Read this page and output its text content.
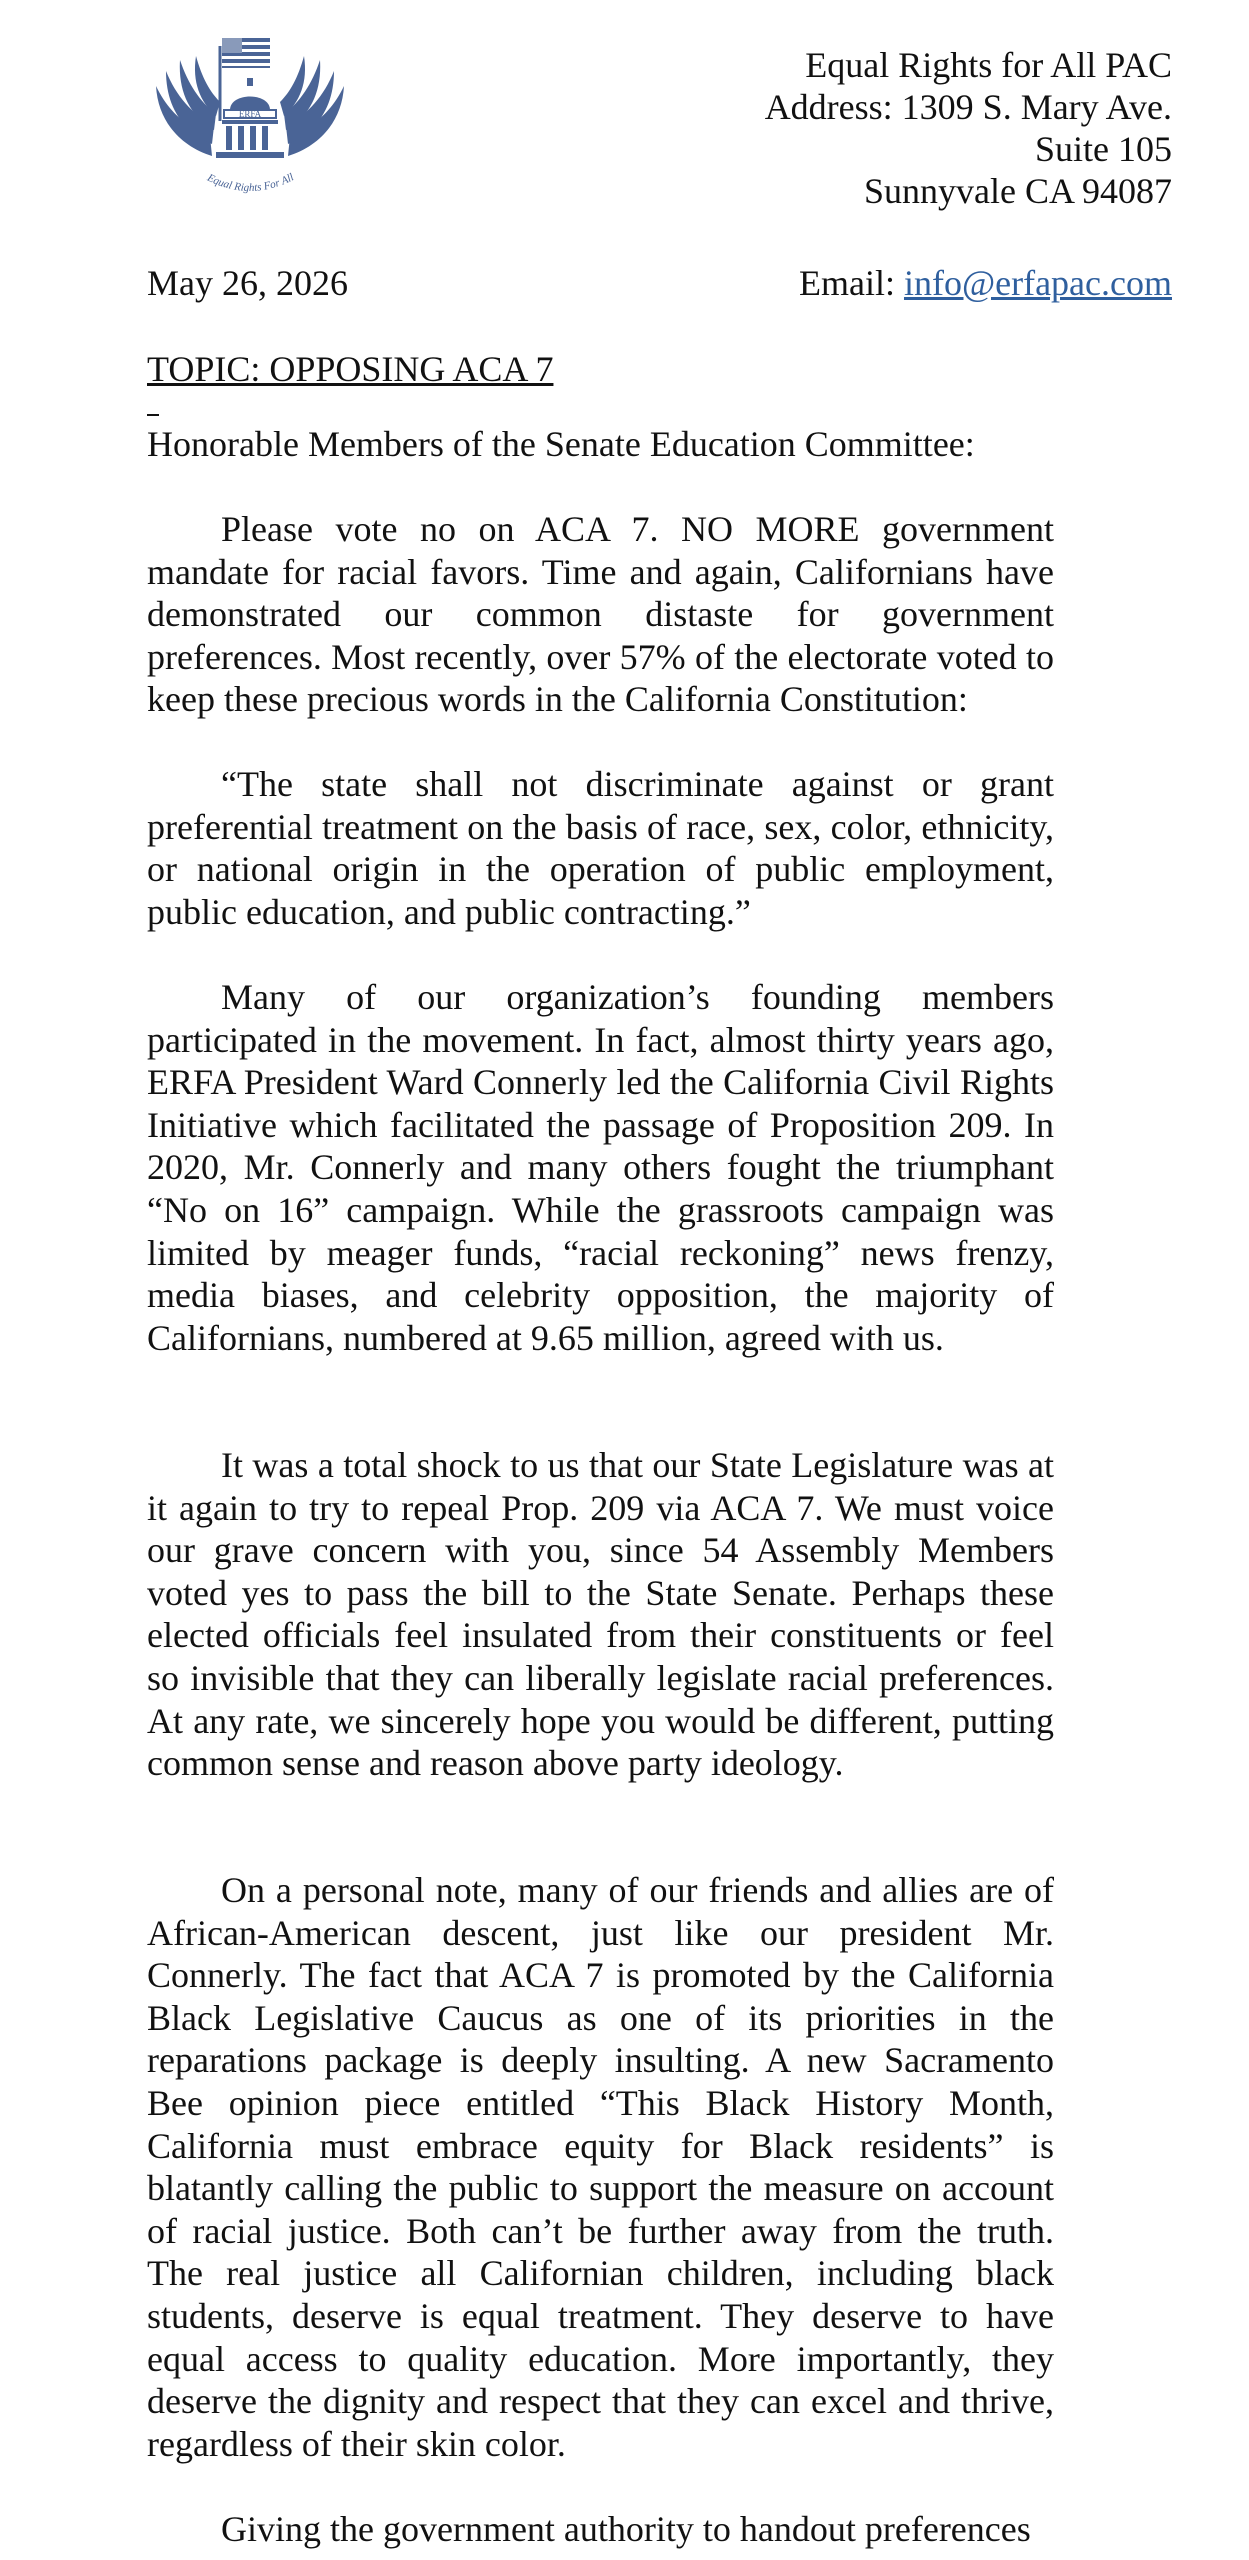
ERFA
Equal Rights For All
Equal Rights for All PAC
Address: 1309 S. Mary Ave.
Suite 105
Sunnyvale CA 94087
May 26, 2026	Email: info@erfapac.com
TOPIC: OPPOSING ACA 7
Honorable Members of the Senate Education Committee:

Please vote no on ACA 7. NO MORE government mandate for racial favors. Time and again, Californians have demonstrated our common distaste for government preferences. Most recently, over 57% of the electorate voted to keep these precious words in the California Constitution:

“The state shall not discriminate against or grant preferential treatment on the basis of race, sex, color, ethnicity, or national origin in the operation of public employment, public education, and public contracting.”

Many of our organization’s founding members participated in the movement. In fact, almost thirty years ago, ERFA President Ward Connerly led the California Civil Rights Initiative which facilitated the passage of Proposition 209. In 2020, Mr. Connerly and many others fought the triumphant “No on 16” campaign. While the grassroots campaign was limited by meager funds, “racial reckoning” news frenzy, media biases, and celebrity opposition, the majority of Californians, numbered at 9.65 million, agreed with us.

It was a total shock to us that our State Legislature was at it again to try to repeal Prop. 209 via ACA 7. We must voice our grave concern with you, since 54 Assembly Members voted yes to pass the bill to the State Senate. Perhaps these elected officials feel insulated from their constituents or feel so invisible that they can liberally legislate racial preferences. At any rate, we sincerely hope you would be different, putting common sense and reason above party ideology.

On a personal note, many of our friends and allies are of African-American descent, just like our president Mr. Connerly. The fact that ACA 7 is promoted by the California Black Legislative Caucus as one of its priorities in the reparations package is deeply insulting. A new Sacramento Bee opinion piece entitled “This Black History Month, California must embrace equity for Black residents” is blatantly calling the public to support the measure on account of racial justice. Both can’t be further away from the truth. The real justice all Californian children, including black students, deserve is equal treatment. They deserve to have equal access to quality education. More importantly, they deserve the dignity and respect that they can excel and thrive, regardless of their skin color.

Giving the government authority to handout preferences
